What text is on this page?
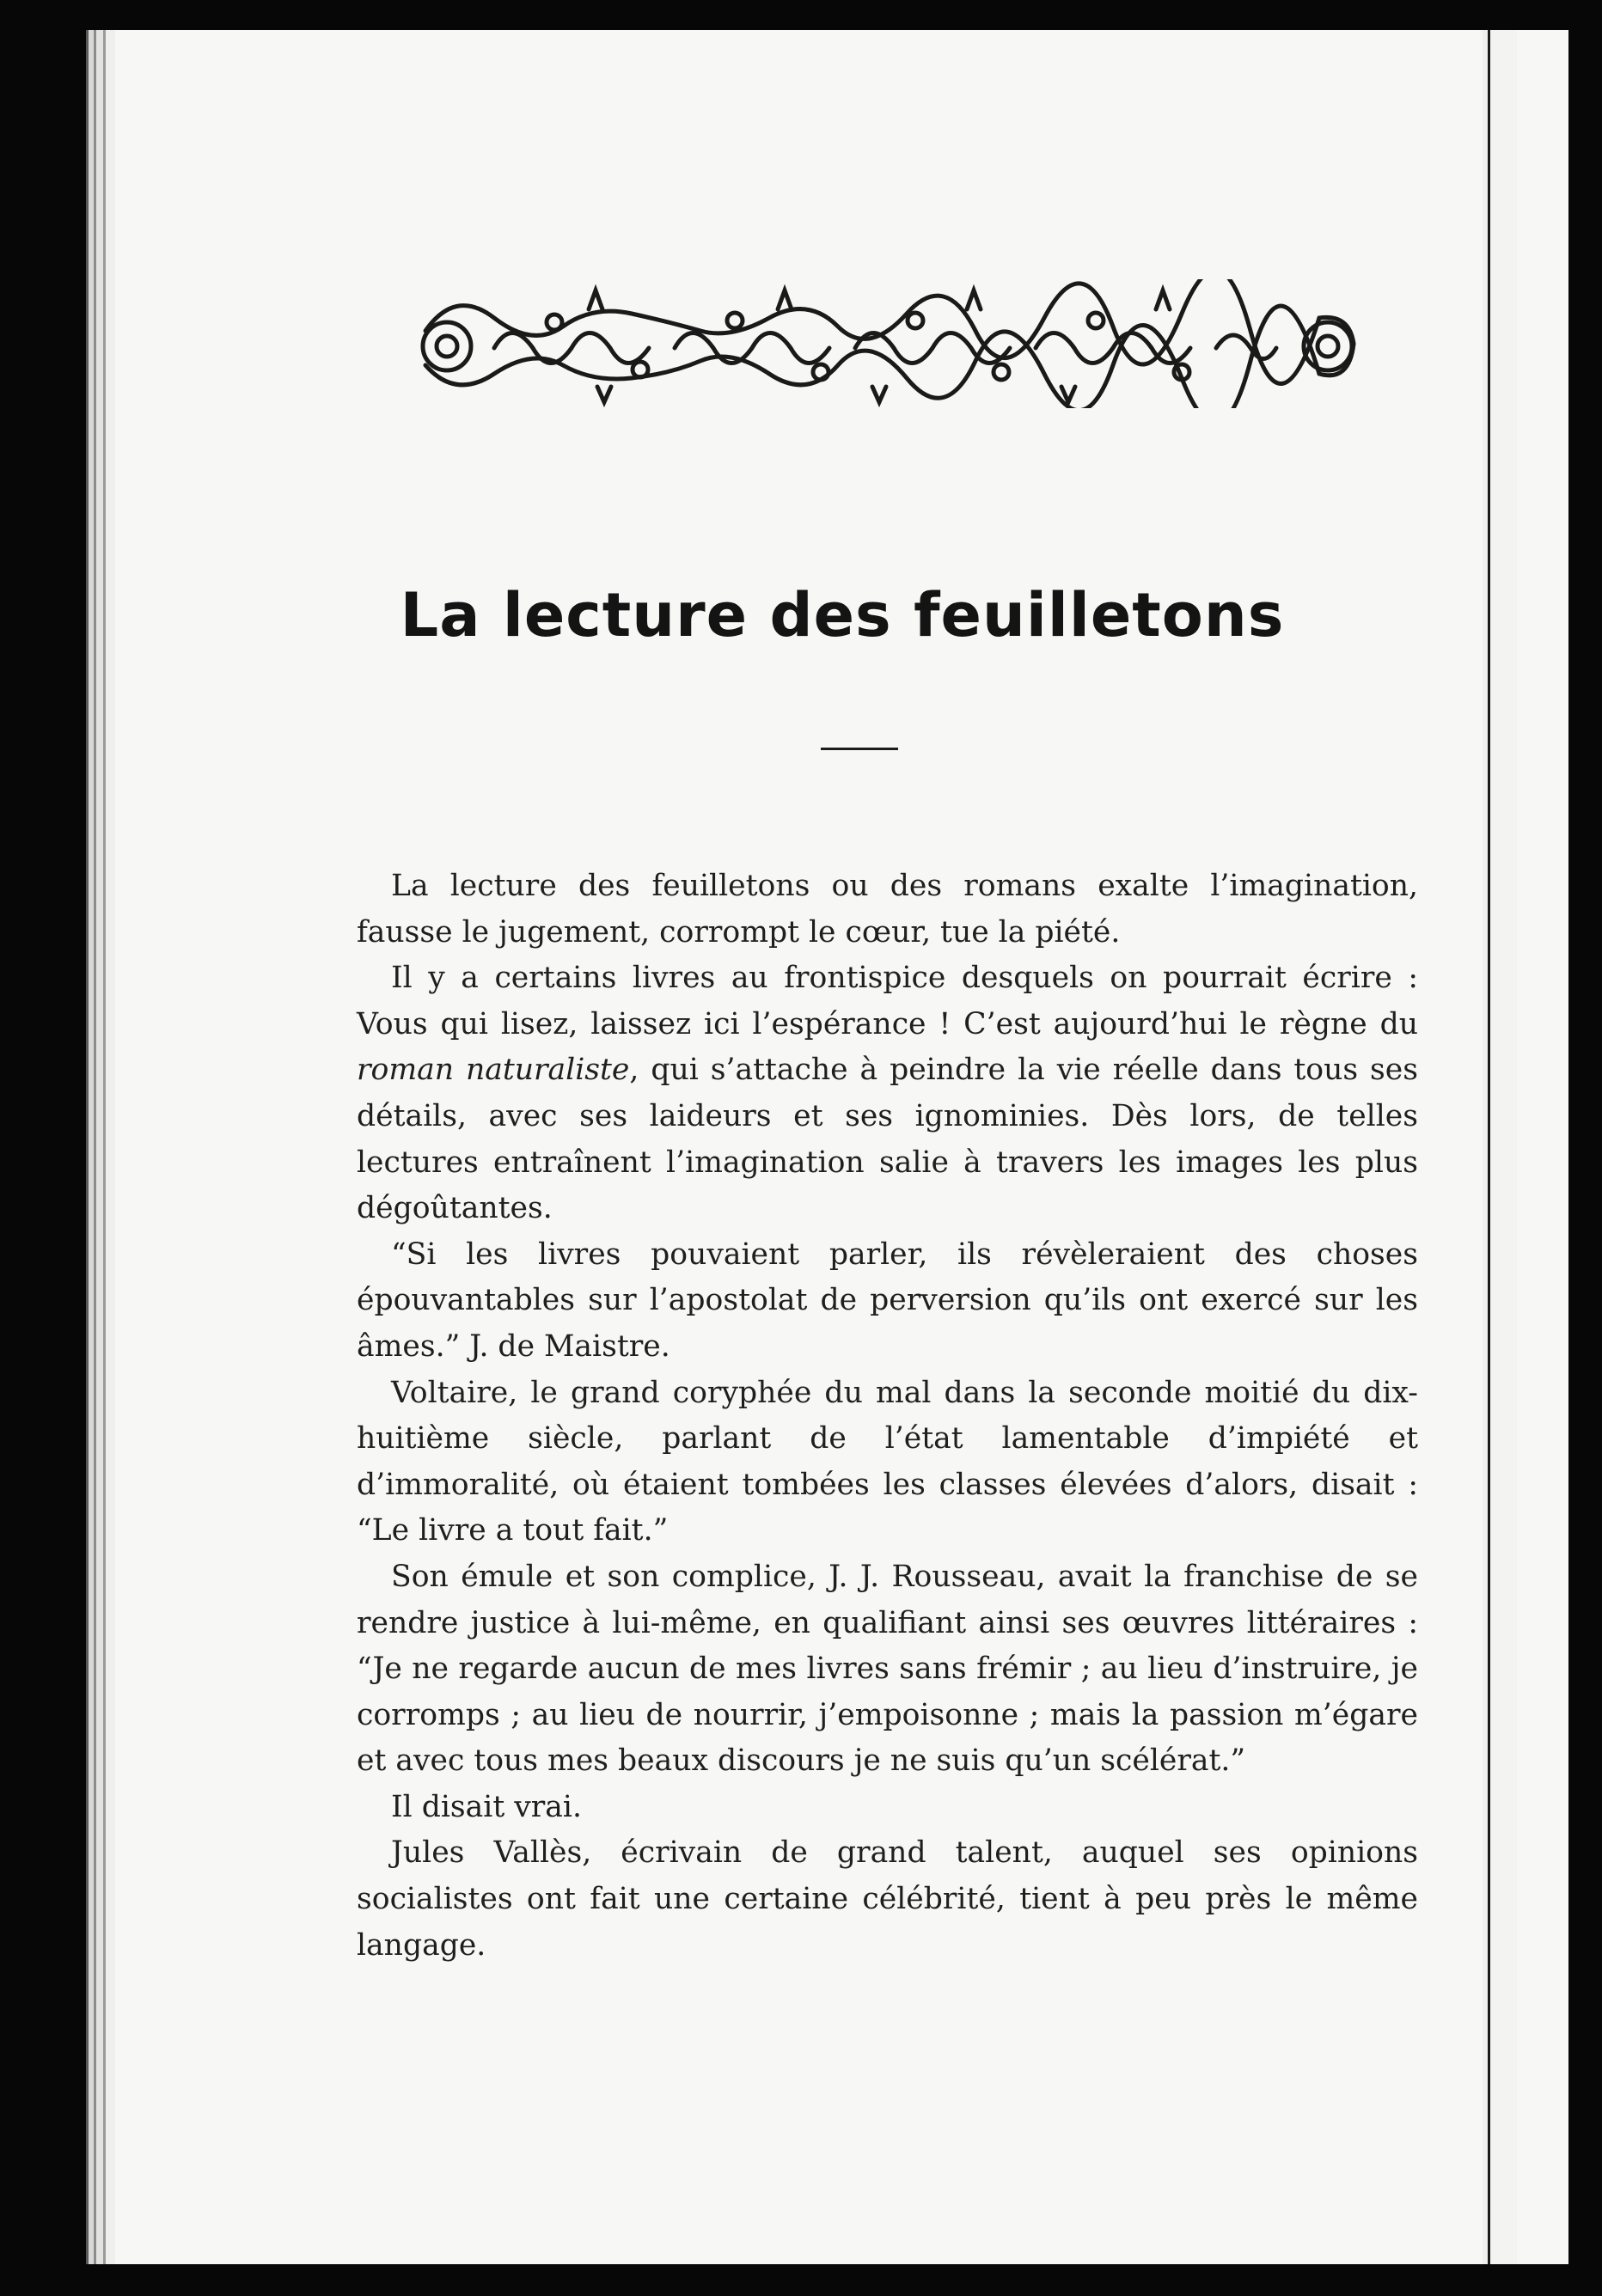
La lecture des feuilletons

La lecture des feuilletons ou des romans exalte l’imagination, fausse le jugement, corrompt le cœur, tue la piété.

Il y a certains livres au frontispice desquels on pourrait écrire : Vous qui lisez, laissez ici l’espérance ! C’est aujourd’hui le règne du roman naturaliste, qui s’attache à peindre la vie réelle dans tous ses détails, avec ses laideurs et ses ignominies. Dès lors, de telles lectures entraînent l’imagination salie à travers les images les plus dégoûtantes.

“Si les livres pouvaient parler, ils révèleraient des choses épouvantables sur l’apostolat de perversion qu’ils ont exercé sur les âmes.” J. de Maistre.

Voltaire, le grand coryphée du mal dans la seconde moitié du dix-huitième siècle, parlant de l’état lamentable d’impiété et d’immoralité, où étaient tombées les classes élevées d’alors, disait : “Le livre a tout fait.”

Son émule et son complice, J. J. Rousseau, avait la franchise de se rendre justice à lui-même, en qualifiant ainsi ses œuvres littéraires : “Je ne regarde aucun de mes livres sans frémir ; au lieu d’instruire, je corromps ; au lieu de nourrir, j’empoisonne ; mais la passion m’égare et avec tous mes beaux discours je ne suis qu’un scélérat.”

Il disait vrai.

Jules Vallès, écrivain de grand talent, auquel ses opinions socialistes ont fait une certaine célébrité, tient à peu près le même langage.
